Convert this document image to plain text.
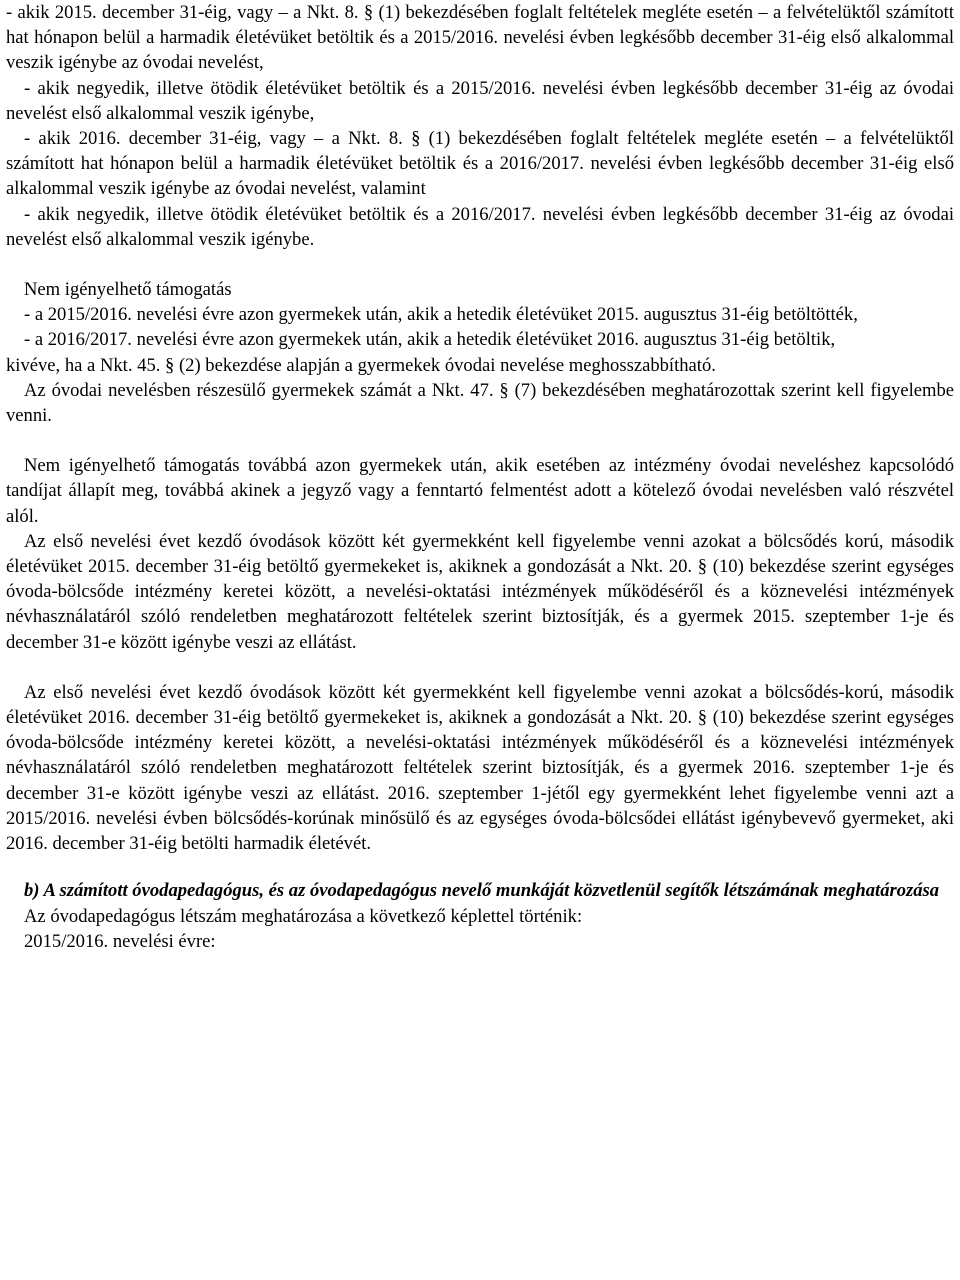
- akik 2015. december 31-éig, vagy – a Nkt. 8. § (1) bekezdésében foglalt feltételek megléte esetén – a felvételüktől számított hat hónapon belül a harmadik életévüket betöltik és a 2015/2016. nevelési évben legkésőbb december 31-éig első alkalommal veszik igénybe az óvodai nevelést,

- akik negyedik, illetve ötödik életévüket betöltik és a 2015/2016. nevelési évben legkésőbb december 31-éig az óvodai nevelést első alkalommal veszik igénybe,

- akik 2016. december 31-éig, vagy – a Nkt. 8. § (1) bekezdésében foglalt feltételek megléte esetén – a felvételüktől számított hat hónapon belül a harmadik életévüket betöltik és a 2016/2017. nevelési évben legkésőbb december 31-éig első alkalommal veszik igénybe az óvodai nevelést, valamint

- akik negyedik, illetve ötödik életévüket betöltik és a 2016/2017. nevelési évben legkésőbb december 31-éig az óvodai nevelést első alkalommal veszik igénybe.

Nem igényelhető támogatás

- a 2015/2016. nevelési évre azon gyermekek után, akik a hetedik életévüket 2015. augusztus 31-éig betöltötték,

- a 2016/2017. nevelési évre azon gyermekek után, akik a hetedik életévüket 2016. augusztus 31-éig betöltik,

kivéve, ha a Nkt. 45. § (2) bekezdése alapján a gyermekek óvodai nevelése meghosszabbítható.

Az óvodai nevelésben részesülő gyermekek számát a Nkt. 47. § (7) bekezdésében meghatározottak szerint kell figyelembe venni.

Nem igényelhető támogatás továbbá azon gyermekek után, akik esetében az intézmény óvodai neveléshez kapcsolódó tandíjat állapít meg, továbbá akinek a jegyző vagy a fenntartó felmentést adott a kötelező óvodai nevelésben való részvétel alól.

Az első nevelési évet kezdő óvodások között két gyermekként kell figyelembe venni azokat a bölcsődés korú, második életévüket 2015. december 31-éig betöltő gyermekeket is, akiknek a gondozását a Nkt. 20. § (10) bekezdése szerint egységes óvoda-bölcsőde intézmény keretei között, a nevelési-oktatási intézmények működéséről és a köznevelési intézmények névhasználatáról szóló rendeletben meghatározott feltételek szerint biztosítják, és a gyermek 2015. szeptember 1-je és december 31-e között igénybe veszi az ellátást.

Az első nevelési évet kezdő óvodások között két gyermekként kell figyelembe venni azokat a bölcsődés-korú, második életévüket 2016. december 31-éig betöltő gyermekeket is, akiknek a gondozását a Nkt. 20. § (10) bekezdése szerint egységes óvoda-bölcsőde intézmény keretei között, a nevelési-oktatási intézmények működéséről és a köznevelési intézmények névhasználatáról szóló rendeletben meghatározott feltételek szerint biztosítják, és a gyermek 2016. szeptember 1-je és december 31-e között igénybe veszi az ellátást. 2016. szeptember 1-jétől egy gyermekként lehet figyelembe venni azt a 2015/2016. nevelési évben bölcsődés-korúnak minősülő és az egységes óvoda-bölcsődei ellátást igénybevevő gyermeket, aki 2016. december 31-éig betölti harmadik életévét.

b) A számított óvodapedagógus, és az óvodapedagógus nevelő munkáját közvetlenül segítők létszámának meghatározása

Az óvodapedagógus létszám meghatározása a következő képlettel történik:

2015/2016. nevelési évre:
